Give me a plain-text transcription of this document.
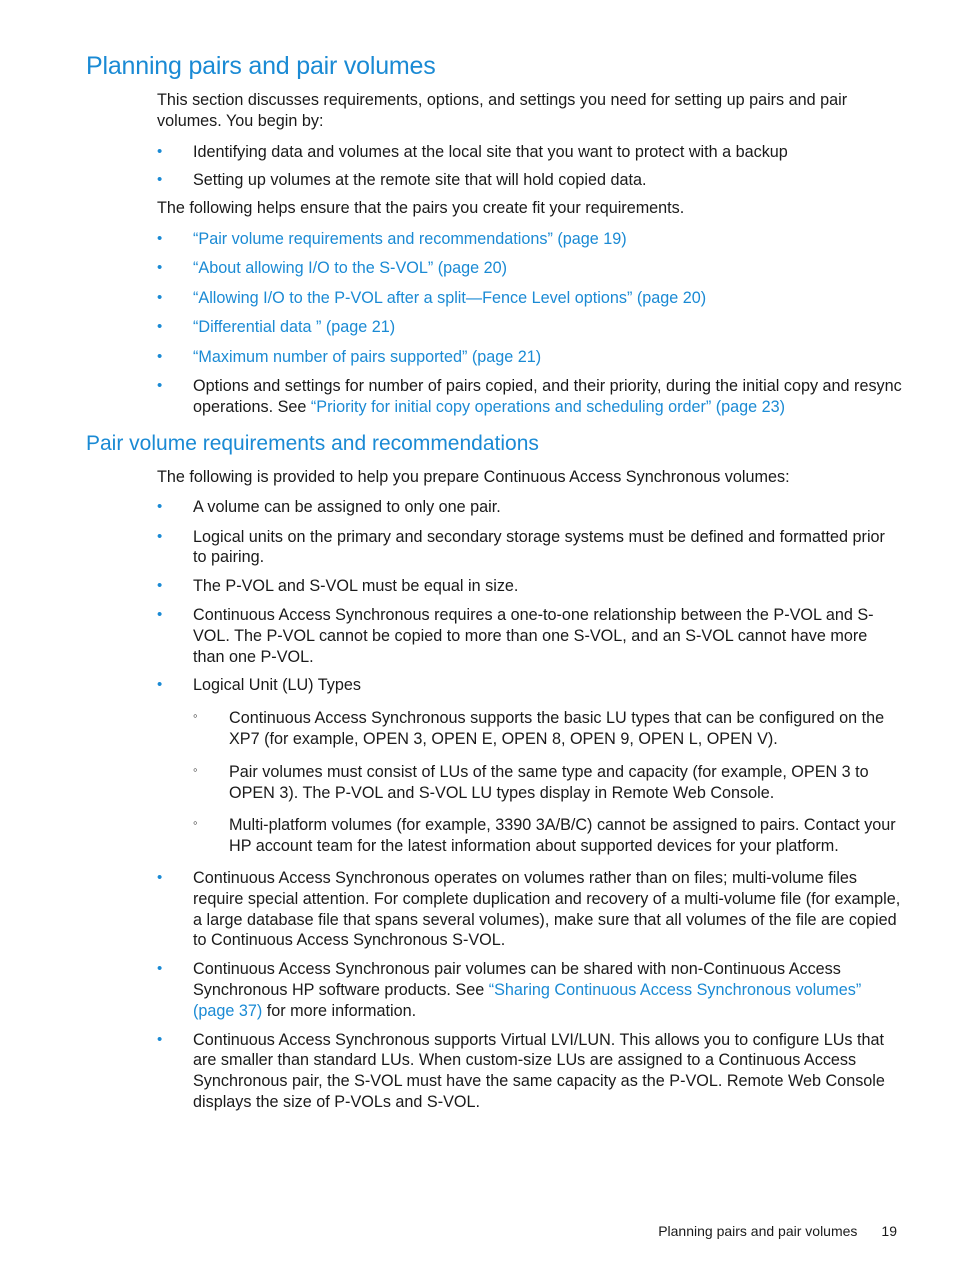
Planning pairs and pair volumes

This section discusses requirements, options, and settings you need for setting up pairs and pair volumes. You begin by:

• Identifying data and volumes at the local site that you want to protect with a backup
• Setting up volumes at the remote site that will hold copied data.

The following helps ensure that the pairs you create fit your requirements.

• “Pair volume requirements and recommendations” (page 19)
• “About allowing I/O to the S-VOL” (page 20)
• “Allowing I/O to the P-VOL after a split—Fence Level options” (page 20)
• “Differential data ” (page 21)
• “Maximum number of pairs supported” (page 21)
• Options and settings for number of pairs copied, and their priority, during the initial copy and resync operations. See “Priority for initial copy operations and scheduling order” (page 23)
Pair volume requirements and recommendations

The following is provided to help you prepare Continuous Access Synchronous volumes:

• A volume can be assigned to only one pair.
• Logical units on the primary and secondary storage systems must be defined and formatted prior to pairing.
• The P-VOL and S-VOL must be equal in size.
• Continuous Access Synchronous requires a one-to-one relationship between the P-VOL and S-VOL. The P-VOL cannot be copied to more than one S-VOL, and an S-VOL cannot have more than one P-VOL.
• Logical Unit (LU) Types
◦ Continuous Access Synchronous supports the basic LU types that can be configured on the XP7 (for example, OPEN 3, OPEN E, OPEN 8, OPEN 9, OPEN L, OPEN V).
◦ Pair volumes must consist of LUs of the same type and capacity (for example, OPEN 3 to OPEN 3). The P-VOL and S-VOL LU types display in Remote Web Console.
◦ Multi-platform volumes (for example, 3390 3A/B/C) cannot be assigned to pairs. Contact your HP account team for the latest information about supported devices for your platform.
• Continuous Access Synchronous operates on volumes rather than on files; multi-volume files require special attention. For complete duplication and recovery of a multi-volume file (for example, a large database file that spans several volumes), make sure that all volumes of the file are copied to Continuous Access Synchronous S-VOL.
• Continuous Access Synchronous pair volumes can be shared with non-Continuous Access Synchronous HP software products. See “Sharing Continuous Access Synchronous volumes” (page 37) for more information.
• Continuous Access Synchronous supports Virtual LVI/LUN. This allows you to configure LUs that are smaller than standard LUs. When custom-size LUs are assigned to a Continuous Access Synchronous pair, the S-VOL must have the same capacity as the P-VOL. Remote Web Console displays the size of P-VOLs and S-VOL.
Planning pairs and pair volumes 19
